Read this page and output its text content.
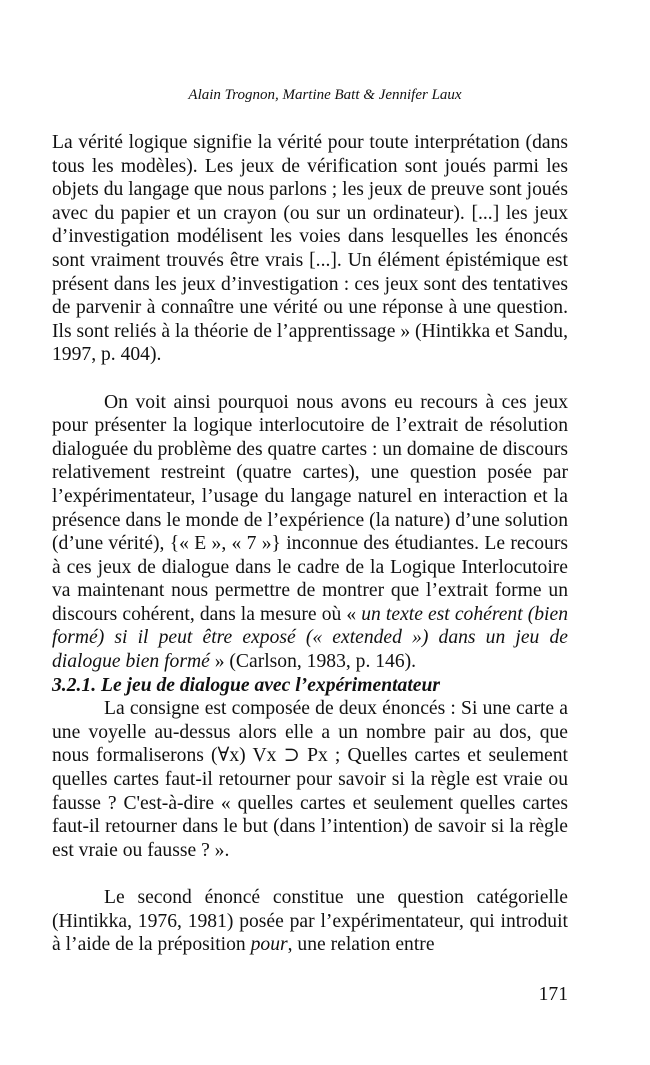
Alain Trognon, Martine Batt & Jennifer Laux

La vérité logique signifie la vérité pour toute interprétation (dans tous les modèles). Les jeux de vérification sont joués parmi les objets du langage que nous parlons ; les jeux de preuve sont joués avec du papier et un crayon (ou sur un ordinateur). [...] les jeux d’investigation modélisent les voies dans lesquelles les énoncés sont vraiment trouvés être vrais [...]. Un élément épistémique est présent dans les jeux d’investigation : ces jeux sont des tentatives de parvenir à connaître une vérité ou une réponse à une question. Ils sont reliés à la théorie de l’apprentissage » (Hintikka et Sandu, 1997, p. 404).

On voit ainsi pourquoi nous avons eu recours à ces jeux pour présenter la logique interlocutoire de l’extrait de résolution dialoguée du problème des quatre cartes : un domaine de discours relativement restreint (quatre cartes), une question posée par l’expérimentateur, l’usage du langage naturel en interaction et la présence dans le monde de l’expérience (la nature) d’une solution (d’une vérité), {« E », « 7 »} inconnue des étudiantes. Le recours à ces jeux de dialogue dans le cadre de la Logique Interlocutoire va maintenant nous permettre de montrer que l’extrait forme un discours cohérent, dans la mesure où « un texte est cohérent (bien formé) si il peut être exposé (« extended ») dans un jeu de dialogue bien formé » (Carlson, 1983, p. 146).

3.2.1. Le jeu de dialogue avec l’expérimentateur

La consigne est composée de deux énoncés : Si une carte a une voyelle au-dessus alors elle a un nombre pair au dos, que nous formaliserons (∀x) Vx ⊃ Px ; Quelles cartes et seulement quelles cartes faut-il retourner pour savoir si la règle est vraie ou fausse ? C'est-à-dire « quelles cartes et seulement quelles cartes faut-il retourner dans le but (dans l’intention) de savoir si la règle est vraie ou fausse ? ».

Le second énoncé constitue une question catégorielle (Hintikka, 1976, 1981) posée par l’expérimentateur, qui introduit à l’aide de la préposition pour, une relation entre

171
